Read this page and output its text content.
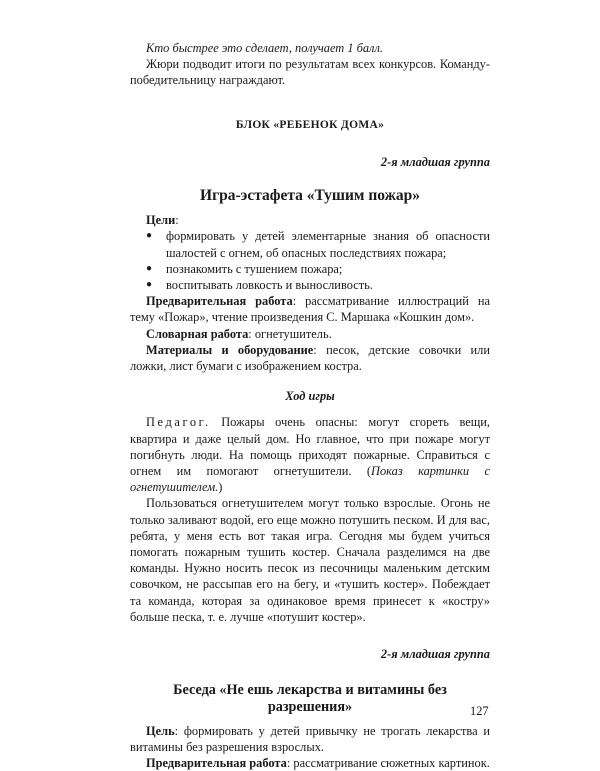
Кто быстрее это сделает, получает 1 балл.

Жюри подводит итоги по результатам всех конкурсов. Команду-победительницу награждают.

БЛОК «РЕБЕНОК ДОМА»
2-я младшая группа
Игра-эстафета «Тушим пожар»

Цели:

●	формировать у детей элементарные знания об опасности шалостей с огнем, об опасных последствиях пожара;
●	познакомить с тушением пожара;
●	воспитывать ловкость и выносливость.

Предварительная работа: рассматривание иллюстраций на тему «Пожар», чтение произведения С. Маршака «Кошкин дом».

Словарная работа: огнетушитель.

Материалы и оборудование: песок, детские совочки или ложки, лист бумаги с изображением костра.

Ход игры

Педагог. Пожары очень опасны: могут сгореть вещи, квартира и даже целый дом. Но главное, что при пожаре могут погибнуть люди. На помощь приходят пожарные. Справиться с огнем им помогают огнетушители. (Показ картинки с огнетушителем.)

Пользоваться огнетушителем могут только взрослые. Огонь не только заливают водой, его еще можно потушить песком. И для вас, ребята, у меня есть вот такая игра. Сегодня мы будем учиться помогать пожарным тушить костер. Сначала разделимся на две команды. Нужно носить песок из песочницы маленьким детским совочком, не рассыпав его на бегу, и «тушить костер». Побеждает та команда, которая за одинаковое время принесет к «костру» больше песка, т. е. лучше «потушит костер».

2-я младшая группа
Беседа «Не ешь лекарства и витамины без разрешения»

Цель: формировать у детей привычку не трогать лекарства и витамины без разрешения взрослых.

Предварительная работа: рассматривание сюжетных картинок.

127
